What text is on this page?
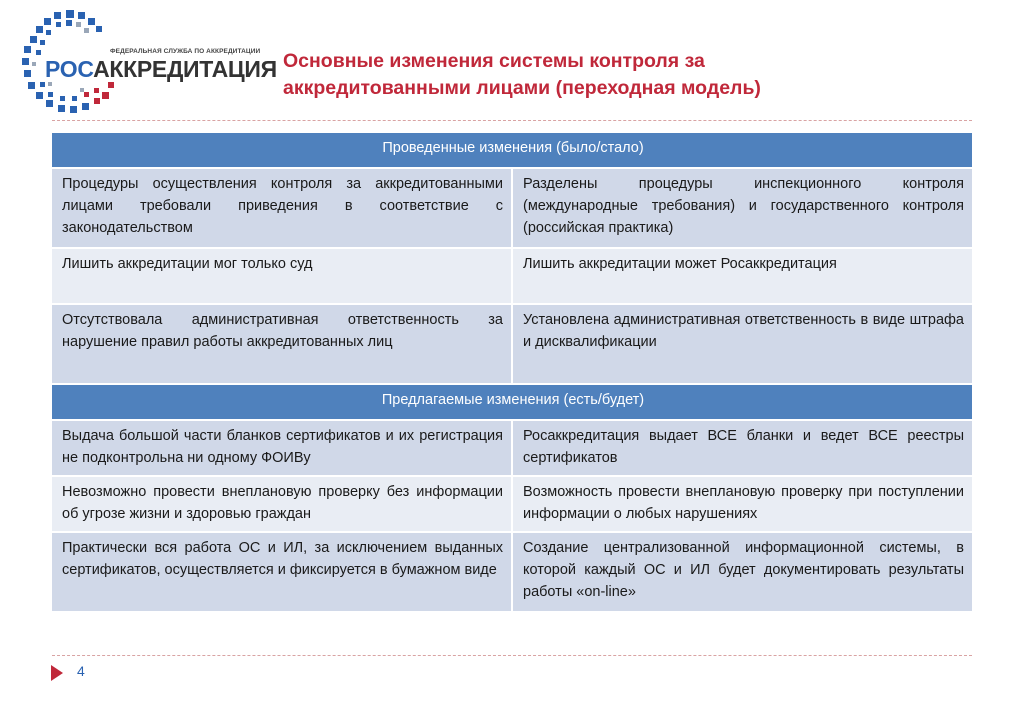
ФЕДЕРАЛЬНАЯ СЛУЖБА ПО АККРЕДИТАЦИИ
РОСАККРЕДИТАЦИЯ Основные изменения системы контроля за
аккредитованными лицами (переходная модель)
Проведенные изменения (было/стало)	
Процедуры осуществления контроля за аккредитованными лицами требовали приведения в соответствие с законодательством	Разделены процедуры инспекционного контроля (международные требования) и государственного контроля (российская практика)
Лишить аккредитации мог только суд	Лишить аккредитации может Росаккредитация
Отсутствовала административная ответственность за нарушение правил работы аккредитованных лиц	Установлена административная ответственность в виде штрафа и дисквалификации
Предлагаемые изменения (есть/будет)	
Выдача большой части бланков сертификатов и их регистрация не подконтрольна ни одному ФОИВу	Росаккредитация выдает ВСЕ бланки и ведет ВСЕ реестры сертификатов
Невозможно провести внеплановую проверку без информации об угрозе жизни и здоровью граждан	Возможность провести внеплановую проверку при поступлении информации о любых нарушениях
Практически вся работа ОС и ИЛ, за исключением выданных сертификатов, осуществляется и фиксируется в бумажном виде	Создание централизованной информационной системы, в которой каждый ОС и ИЛ будет документировать результаты работы «on-line»
4
